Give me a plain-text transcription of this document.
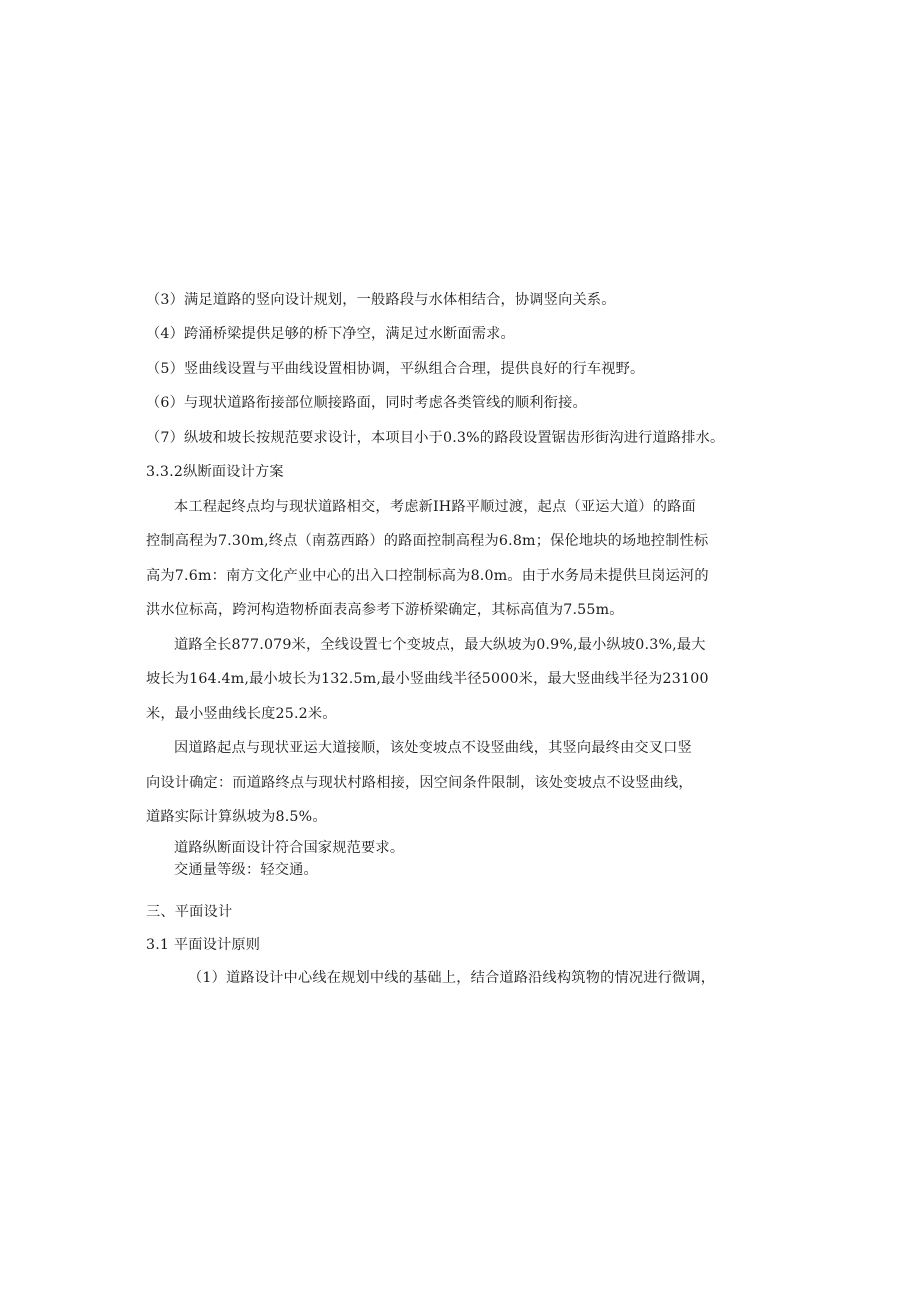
（3）满足道路的竖向设计规划，一般路段与水体相结合，协调竖向关系。

（4）跨涌桥梁提供足够的桥下净空，满足过水断面需求。

（5）竖曲线设置与平曲线设置相协调，平纵组合合理，提供良好的行车视野。

（6）与现状道路衔接部位顺接路面，同时考虑各类管线的顺利衔接。

（7）纵坡和坡长按规范要求设计，本项目小于0.3%的路段设置锯齿形街沟进行道路排水。

3.3.2纵断面设计方案

本工程起终点均与现状道路相交，考虑新IH路平顺过渡，起点（亚运大道）的路面

控制高程为7.30m,终点（南荔西路）的路面控制高程为6.8m；保伦地块的场地控制性标

高为7.6m：南方文化产业中心的出入口控制标高为8.0m。由于水务局未提供旦岗运河的

洪水位标高，跨河构造物桥面表高参考下游桥梁确定，其标高值为7.55m。

道路全长877.079米，全线设置七个变坡点，最大纵坡为0.9%,最小纵坡0.3%,最大

坡长为164.4m,最小坡长为132.5m,最小竖曲线半径5000米，最大竖曲线半径为23100

米，最小竖曲线长度25.2米。

因道路起点与现状亚运大道接顺，该处变坡点不设竖曲线，其竖向最终由交叉口竖

向设计确定：而道路终点与现状村路相接，因空间条件限制，该处变坡点不设竖曲线，

道路实际计算纵坡为8.5%。

道路纵断面设计符合国家规范要求。

交通量等级：轻交通。

三、平面设计

3.1 平面设计原则

（1）道路设计中心线在规划中线的基础上，结合道路沿线构筑物的情况进行微调，
